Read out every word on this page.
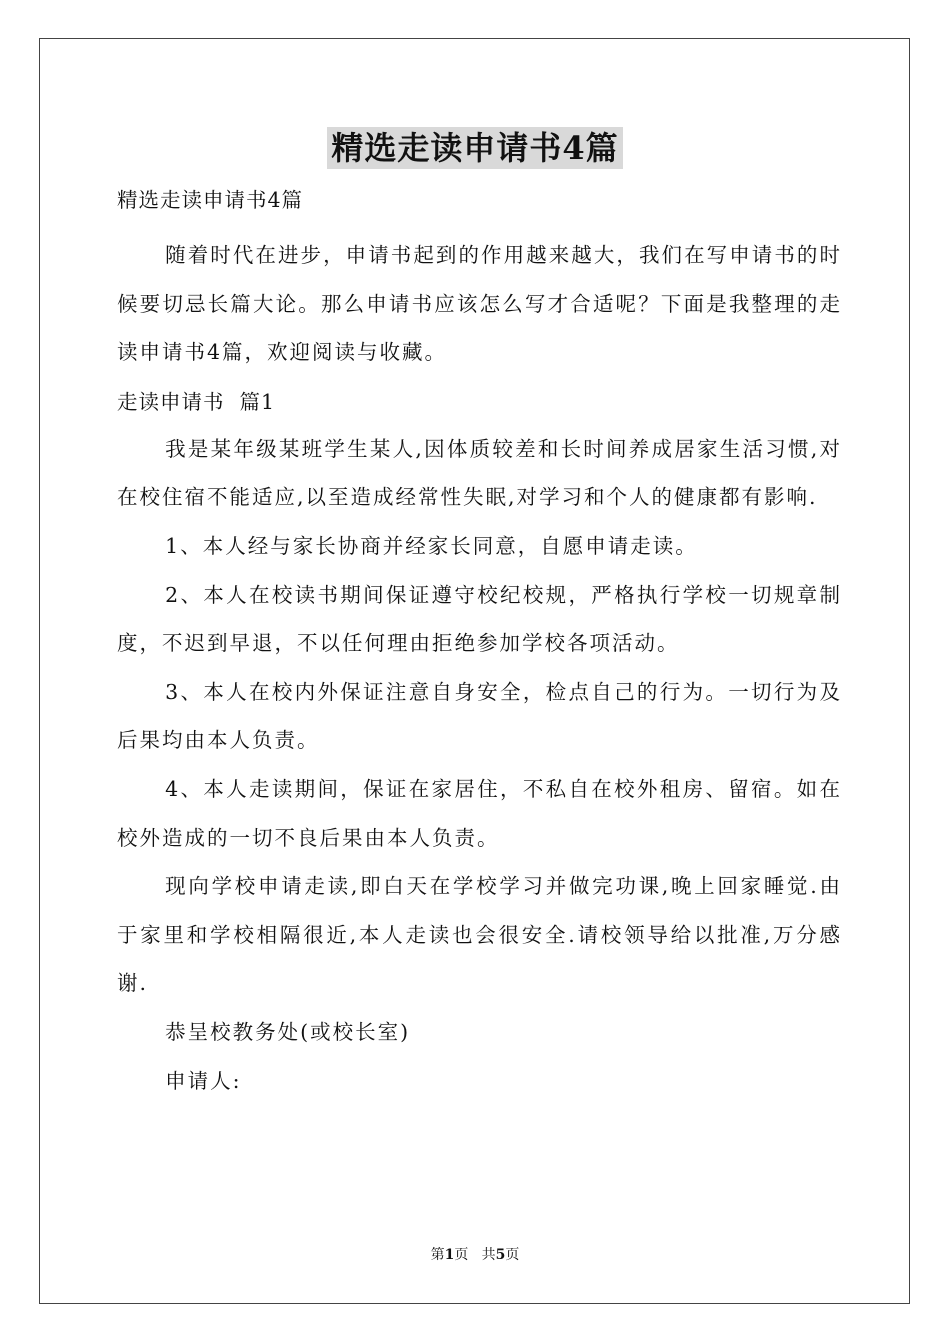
精选走读申请书4篇
精选走读申请书4篇

随着时代在进步，申请书起到的作用越来越大，我们在写申请书的时候要切忌长篇大论。那么申请书应该怎么写才合适呢？下面是我整理的走读申请书4篇，欢迎阅读与收藏。

走读申请书  篇1

我是某年级某班学生某人,因体质较差和长时间养成居家生活习惯,对在校住宿不能适应,以至造成经常性失眠,对学习和个人的健康都有影响.

1、本人经与家长协商并经家长同意，自愿申请走读。

2、本人在校读书期间保证遵守校纪校规，严格执行学校一切规章制度，不迟到早退，不以任何理由拒绝参加学校各项活动。

3、本人在校内外保证注意自身安全，检点自己的行为。一切行为及后果均由本人负责。

4、本人走读期间，保证在家居住，不私自在校外租房、留宿。如在校外造成的一切不良后果由本人负责。

现向学校申请走读,即白天在学校学习并做完功课,晚上回家睡觉.由于家里和学校相隔很近,本人走读也会很安全.请校领导给以批准,万分感谢.

恭呈校教务处(或校长室)

申请人:

第1页 共5页
